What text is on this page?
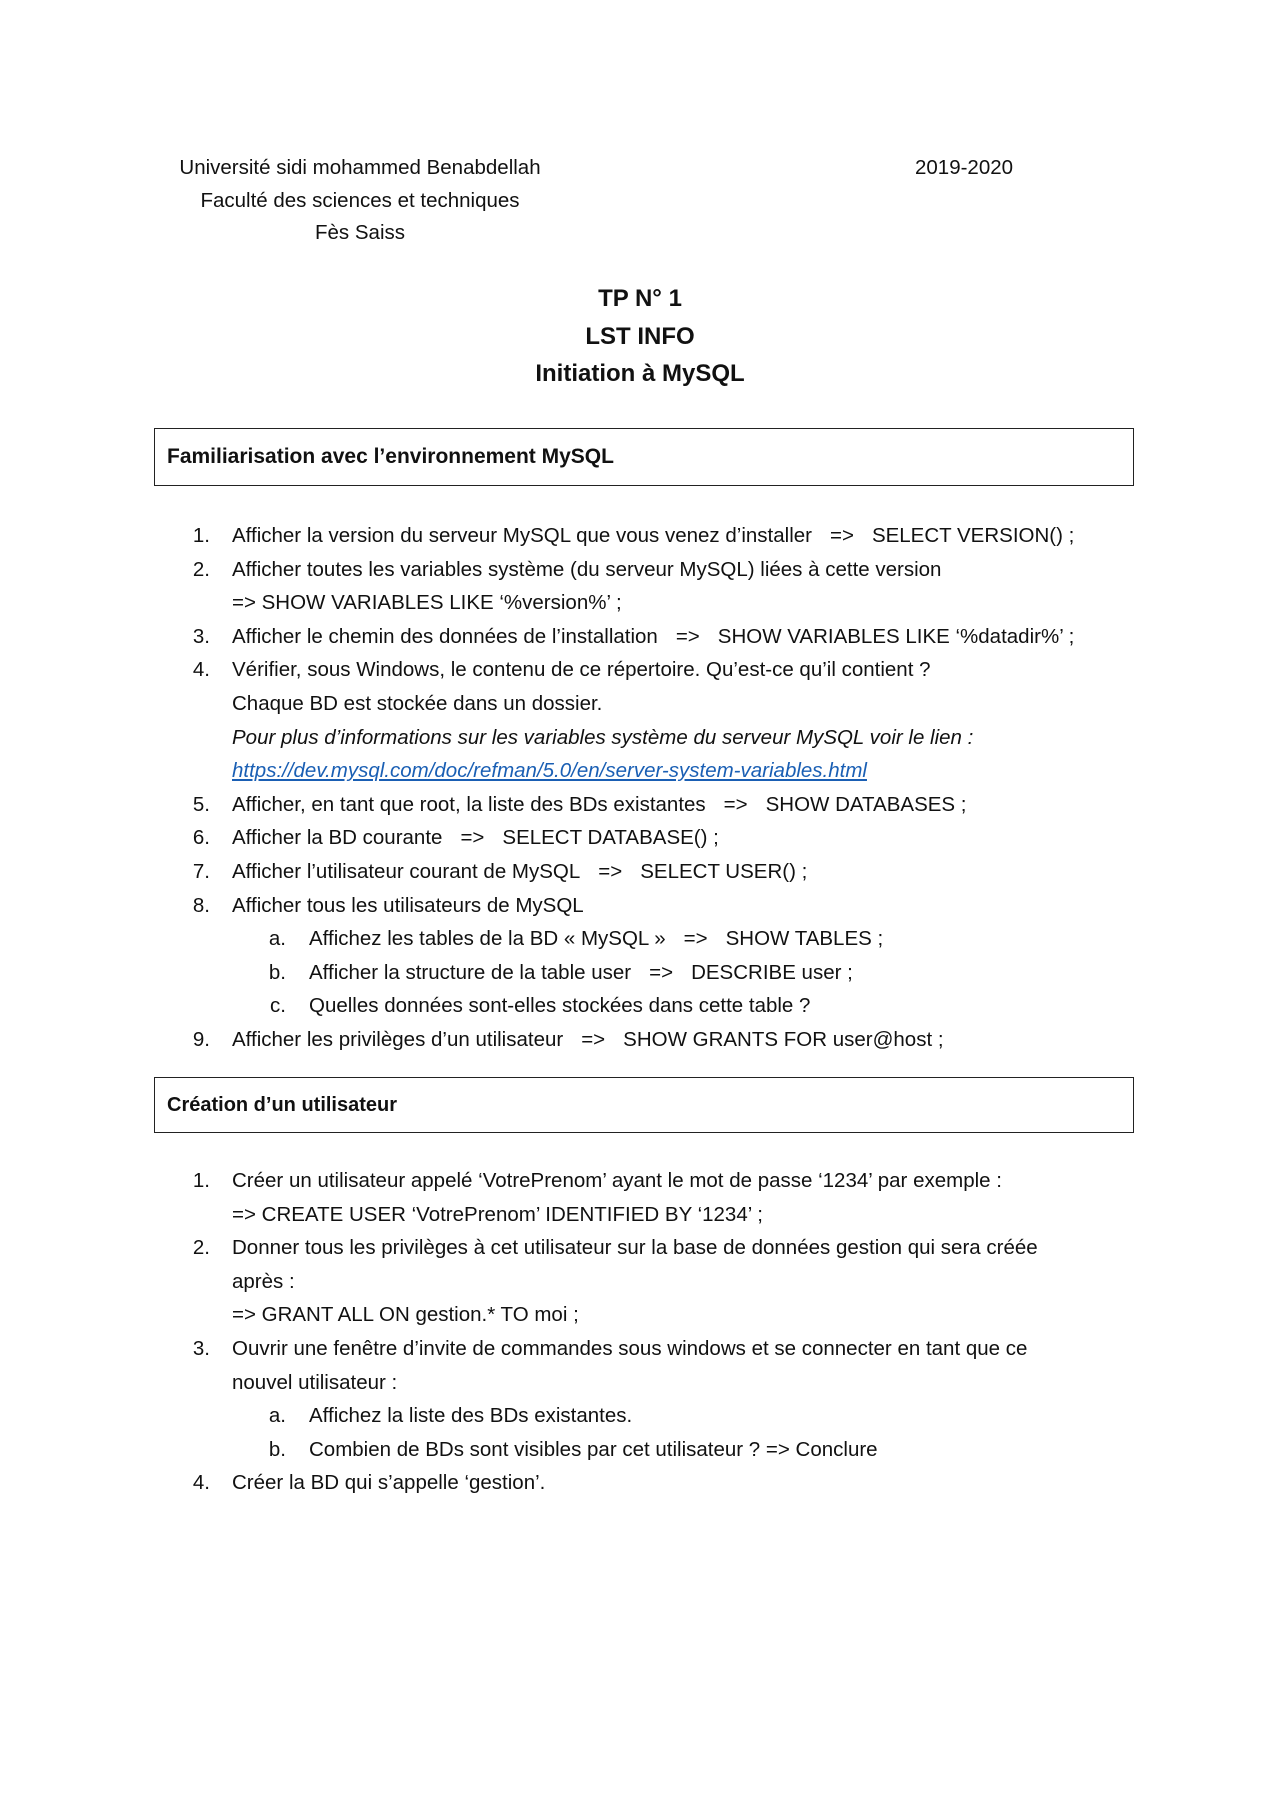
Université sidi mohammed Benabdellah
Faculté des sciences et techniques
Fès Saiss
2019-2020
TP N° 1
LST INFO
Initiation à MySQL
Familiarisation avec l’environnement MySQL
1. Afficher la version du serveur MySQL que vous venez d’installer => SELECT VERSION() ;
2. Afficher toutes les variables système (du serveur MySQL) liées à cette version
=> SHOW VARIABLES LIKE ‘%version%’ ;
3. Afficher le chemin des données de l’installation => SHOW VARIABLES LIKE ‘%datadir%’ ;
4. Vérifier, sous Windows, le contenu de ce répertoire. Qu’est-ce qu’il contient ?
Chaque BD est stockée dans un dossier.
Pour plus d’informations sur les variables système du serveur MySQL voir le lien :
https://dev.mysql.com/doc/refman/5.0/en/server-system-variables.html
5. Afficher, en tant que root, la liste des BDs existantes => SHOW DATABASES ;
6. Afficher la BD courante => SELECT DATABASE() ;
7. Afficher l’utilisateur courant de MySQL => SELECT USER() ;
8. Afficher tous les utilisateurs de MySQL
a. Affichez les tables de la BD « MySQL » => SHOW TABLES ;
b. Afficher la structure de la table user => DESCRIBE user ;
c. Quelles données sont-elles stockées dans cette table ?
9. Afficher les privilèges d’un utilisateur => SHOW GRANTS FOR user@host ;
Création d’un utilisateur
1. Créer un utilisateur appelé ‘VotrePrenom’ ayant le mot de passe ‘1234’ par exemple :
=> CREATE USER ‘VotrePrenom’ IDENTIFIED BY ‘1234’ ;
2. Donner tous les privilèges à cet utilisateur sur la base de données gestion qui sera créée
après :
=> GRANT ALL ON gestion.* TO moi ;
3. Ouvrir une fenêtre d’invite de commandes sous windows et se connecter en tant que ce
nouvel utilisateur :
a. Affichez la liste des BDs existantes.
b. Combien de BDs sont visibles par cet utilisateur ? => Conclure
4. Créer la BD qui s’appelle ‘gestion’.
